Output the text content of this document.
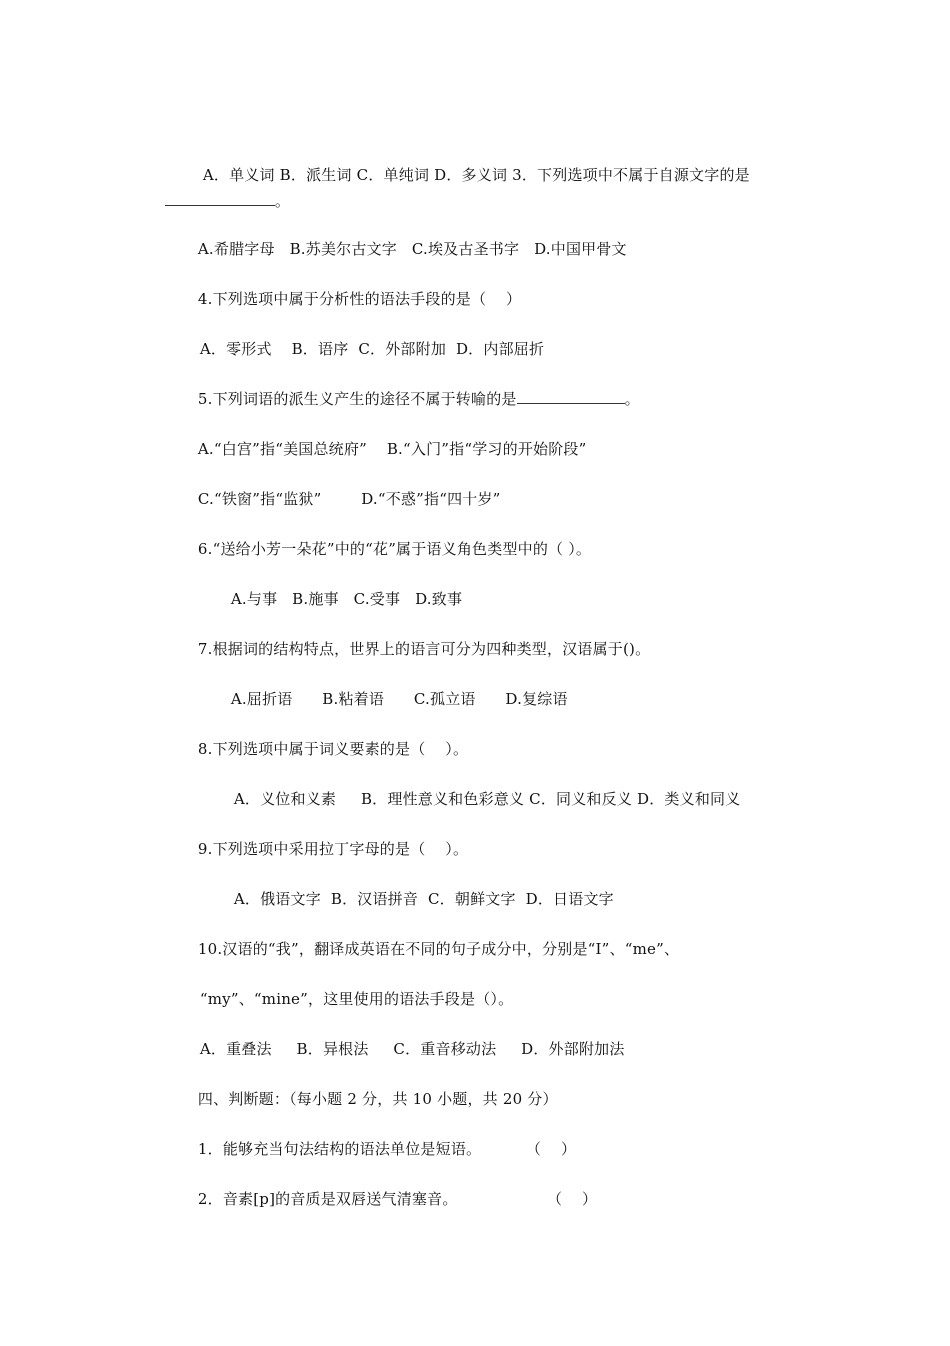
A．单义词 B．派生词 C．单纯词 D．多义词 3．下列选项中不属于自源文字的是

。

A.希腊字母   B.苏美尔古文字   C.埃及古圣书字   D.中国甲骨文

4.下列选项中属于分析性的语法手段的是（    ）

A．零形式    B．语序  C．外部附加  D．内部屈折

5.下列词语的派生义产生的途径不属于转喻的是	。

A.“白宫”指“美国总统府”    B.“入门”指“学习的开始阶段”

C.“铁窗”指“监狱”        D.“不惑”指“四十岁”

6.“送给小芳一朵花”中的“花”属于语义角色类型中的（ ）。

A.与事   B.施事   C.受事   D.致事

7.根据词的结构特点，世界上的语言可分为四种类型，汉语属于()。

A.屈折语      B.粘着语      C.孤立语      D.复综语

8.下列选项中属于词义要素的是（    ）。

A．义位和义素     B．理性意义和色彩意义 C．同义和反义 D．类义和同义

9.下列选项中采用拉丁字母的是（    ）。

A．俄语文字  B．汉语拼音  C．朝鲜文字  D．日语文字

10.汉语的“我”，翻译成英语在不同的句子成分中，分别是“I”、“me”、

“my”、“mine”，这里使用的语法手段是（）。

A．重叠法     B．异根法     C．重音移动法     D．外部附加法

四、判断题：（每小题 2 分，共 10 小题，共 20 分）

1．能够充当句法结构的语法单位是短语。         （    ）

2．音素[p]的音质是双唇送气清塞音。                  （    ）
